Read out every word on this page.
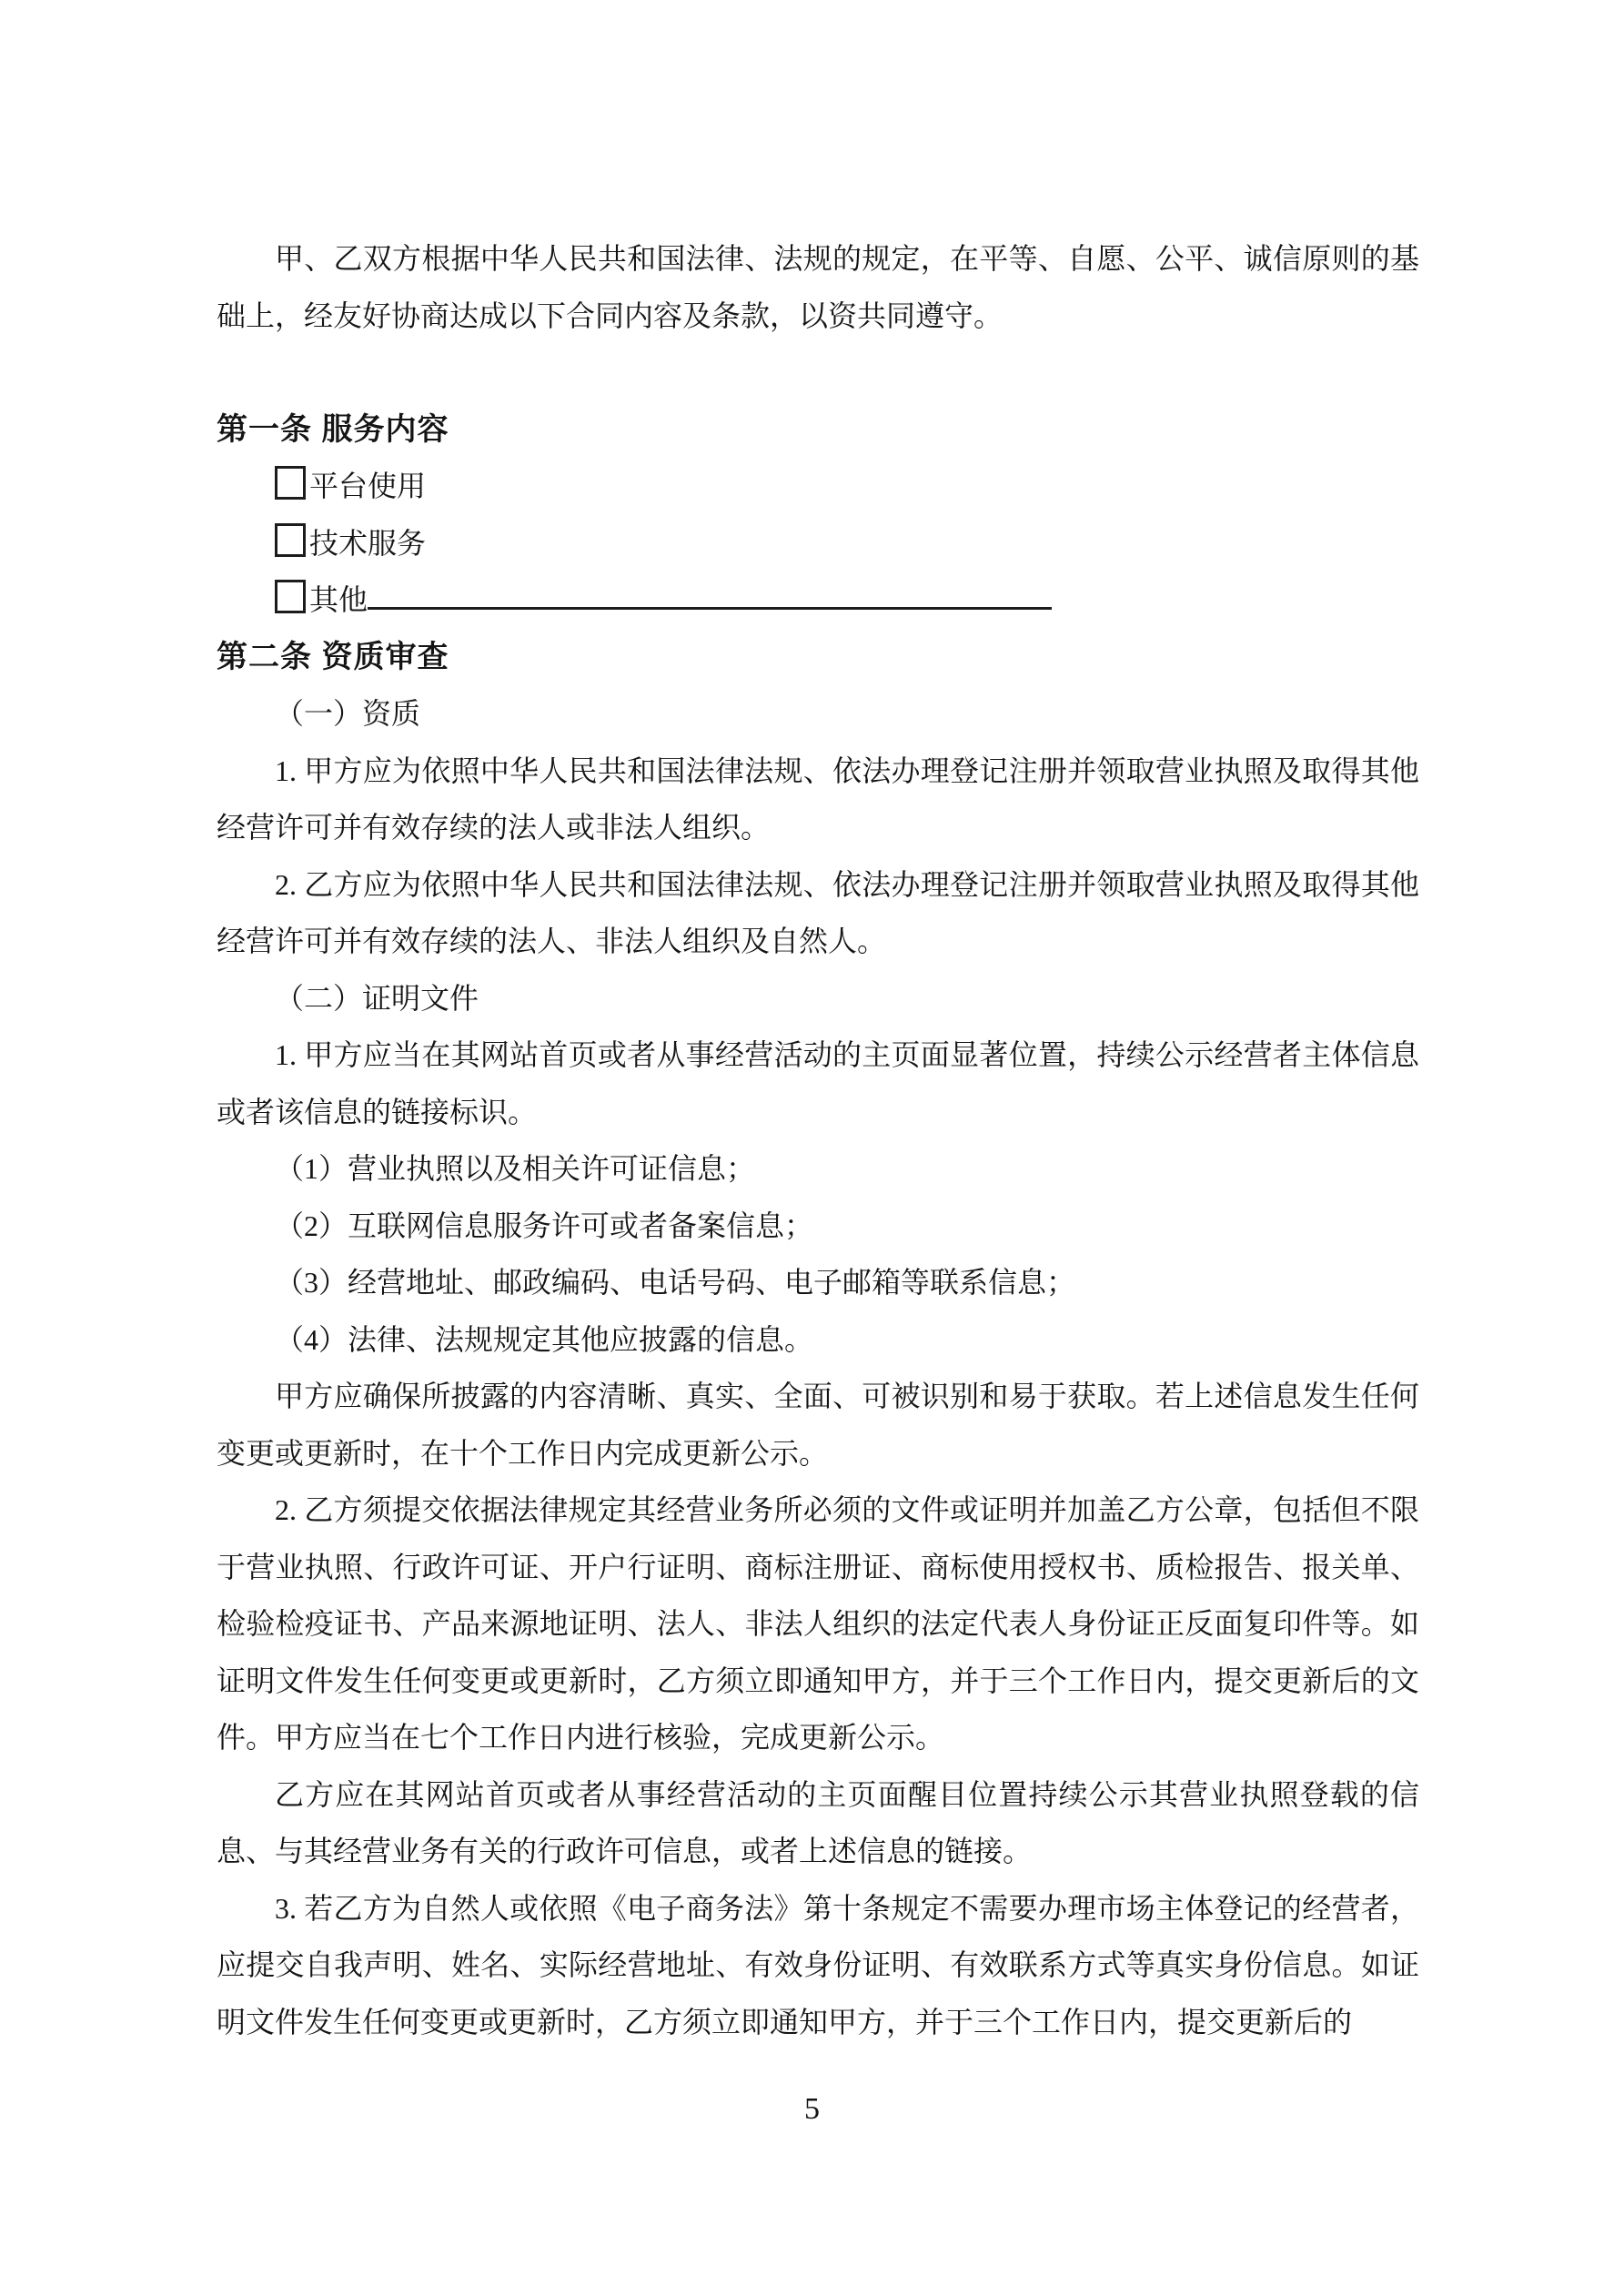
甲、乙双方根据中华人民共和国法律、法规的规定，在平等、自愿、公平、诚信原则的基础上，经友好协商达成以下合同内容及条款，以资共同遵守。

第一条 服务内容

平台使用
技术服务
其他

第二条 资质审查

（一）资质

1. 甲方应为依照中华人民共和国法律法规、依法办理登记注册并领取营业执照及取得其他经营许可并有效存续的法人或非法人组织。

2. 乙方应为依照中华人民共和国法律法规、依法办理登记注册并领取营业执照及取得其他经营许可并有效存续的法人、非法人组织及自然人。

（二）证明文件

1. 甲方应当在其网站首页或者从事经营活动的主页面显著位置，持续公示经营者主体信息或者该信息的链接标识。

（1）营业执照以及相关许可证信息；

（2）互联网信息服务许可或者备案信息；

（3）经营地址、邮政编码、电话号码、电子邮箱等联系信息；

（4）法律、法规规定其他应披露的信息。

甲方应确保所披露的内容清晰、真实、全面、可被识别和易于获取。若上述信息发生任何变更或更新时，在十个工作日内完成更新公示。

2. 乙方须提交依据法律规定其经营业务所必须的文件或证明并加盖乙方公章，包括但不限于营业执照、行政许可证、开户行证明、商标注册证、商标使用授权书、质检报告、报关单、检验检疫证书、产品来源地证明、法人、非法人组织的法定代表人身份证正反面复印件等。如证明文件发生任何变更或更新时，乙方须立即通知甲方，并于三个工作日内，提交更新后的文件。甲方应当在七个工作日内进行核验，完成更新公示。

乙方应在其网站首页或者从事经营活动的主页面醒目位置持续公示其营业执照登载的信息、与其经营业务有关的行政许可信息，或者上述信息的链接。

3. 若乙方为自然人或依照《电子商务法》第十条规定不需要办理市场主体登记的经营者，应提交自我声明、姓名、实际经营地址、有效身份证明、有效联系方式等真实身份信息。如证明文件发生任何变更或更新时，乙方须立即通知甲方，并于三个工作日内，提交更新后的

5
